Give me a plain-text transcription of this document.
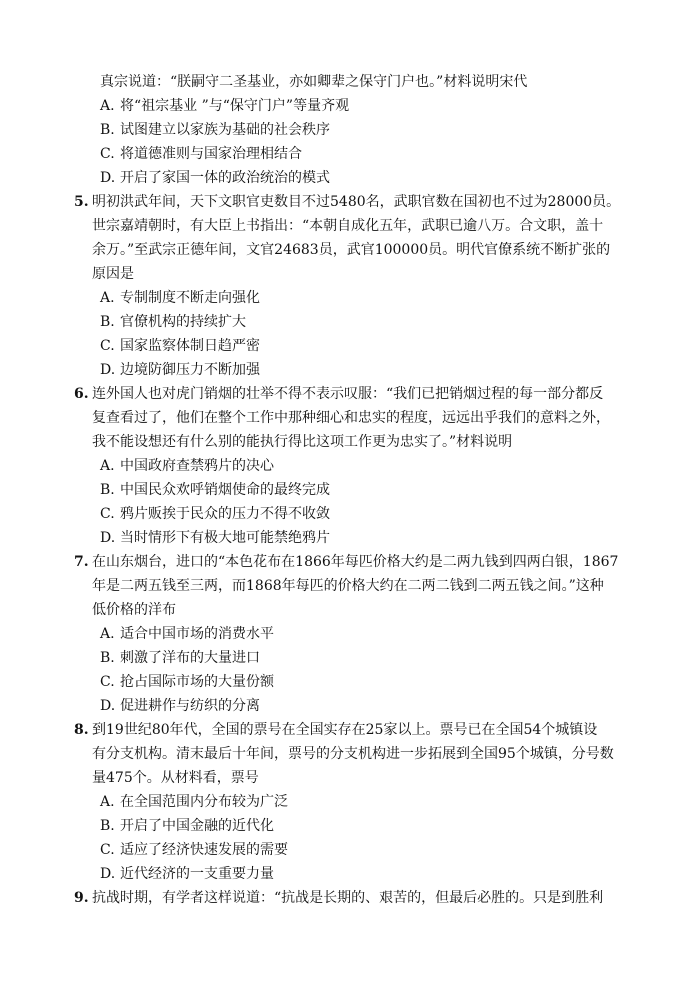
真宗说道：“朕嗣守二圣基业，亦如卿辈之保守门户也。”材料说明宋代
A. 将“祖宗基业 ”与“保守门户”等量齐观
B. 试图建立以家族为基础的社会秩序
C. 将道德准则与国家治理相结合
D. 开启了家国一体的政治统治的模式
5. 明初洪武年间，天下文职官吏数目不过5480名，武职官数在国初也不过为28000员。
世宗嘉靖朝时，有大臣上书指出：“本朝自成化五年，武职已逾八万。合文职，盖十
余万。”至武宗正德年间，文官24683员，武官100000员。明代官僚系统不断扩张的
原因是
A. 专制制度不断走向强化
B. 官僚机构的持续扩大
C. 国家监察体制日趋严密
D. 边境防御压力不断加强
6. 连外国人也对虎门销烟的壮举不得不表示叹服：“我们已把销烟过程的每一部分都反
复查看过了，他们在整个工作中那种细心和忠实的程度，远远出乎我们的意料之外，
我不能设想还有什么别的能执行得比这项工作更为忠实了。”材料说明
A. 中国政府查禁鸦片的决心
B. 中国民众欢呼销烟使命的最终完成
C. 鸦片贩挨于民众的压力不得不收敛
D. 当时情形下有极大地可能禁绝鸦片
7. 在山东烟台，进口的“本色花布在1866年每匹价格大约是二两九钱到四两白银，1867
年是二两五钱至三两，而1868年每匹的价格大约在二两二钱到二两五钱之间。”这种
低价格的洋布
A. 适合中国市场的消费水平
B. 刺激了洋布的大量进口
C. 抢占国际市场的大量份额
D. 促进耕作与纺织的分离
8. 到19世纪80年代，全国的票号在全国实存在25家以上。票号已在全国54个城镇设
有分支机构。清末最后十年间，票号的分支机构进一步拓展到全国95个城镇，分号数
量475个。从材料看，票号
A. 在全国范围内分布较为广泛
B. 开启了中国金融的近代化
C. 适应了经济快速发展的需要
D. 近代经济的一支重要力量
9. 抗战时期，有学者这样说道：“抗战是长期的、艰苦的，但最后必胜的。只是到胜利
